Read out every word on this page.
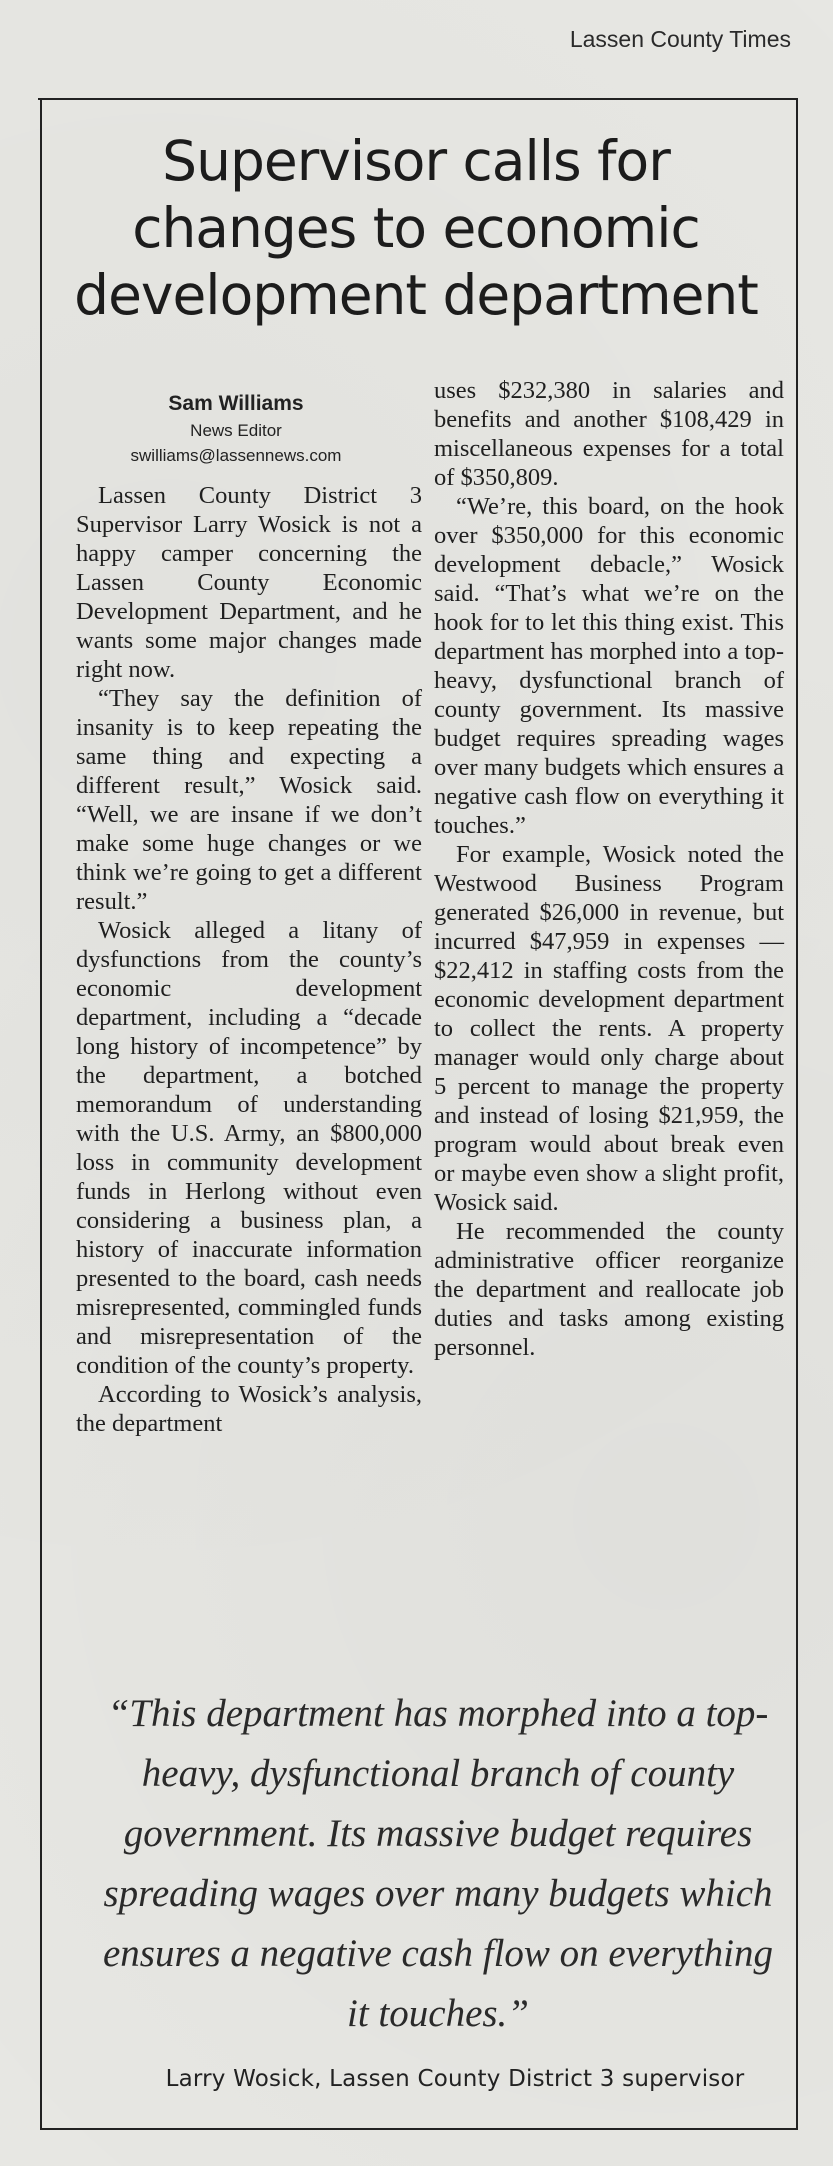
Lassen County Times
Supervisor calls for
changes to economic
development department
Sam Williams
News Editor
swilliams@lassennews.com

Lassen County District 3 Supervisor Larry Wosick is not a happy camper concerning the Lassen County Economic Development Department, and he wants some major changes made right now.

“They say the definition of insanity is to keep repeating the same thing and expecting a different result,” Wosick said. “Well, we are insane if we don’t make some huge changes or we think we’re going to get a different result.”

Wosick alleged a litany of dysfunctions from the county’s economic development department, including a “decade long history of incompetence” by the department, a botched memorandum of understanding with the U.S. Army, an $800,000 loss in community development funds in Herlong without even considering a business plan, a history of inaccurate information presented to the board, cash needs misrepresented, commingled funds and misrepresentation of the condition of the county’s property.

According to Wosick’s analysis, the department

uses $232,380 in salaries and benefits and another $108,429 in miscellaneous expenses for a total of $350,809.

“We’re, this board, on the hook over $350,000 for this economic development debacle,” Wosick said. “That’s what we’re on the hook for to let this thing exist. This department has morphed into a top-heavy, dysfunctional branch of county government. Its massive budget requires spreading wages over many budgets which ensures a negative cash flow on everything it touches.”

For example, Wosick noted the Westwood Business Program generated $26,000 in revenue, but incurred $47,959 in expenses — $22,412 in staffing costs from the economic development department to collect the rents. A property manager would only charge about 5 percent to manage the property and instead of losing $21,959, the program would about break even or maybe even show a slight profit, Wosick said.

He recommended the county administrative officer reorganize the department and reallocate job duties and tasks among existing personnel.

“This department has morphed into a top-heavy, dysfunctional branch of county government. Its massive budget requires spreading wages over many budgets which ensures a negative cash flow on everything it touches.”
Larry Wosick, Lassen County District 3 supervisor
